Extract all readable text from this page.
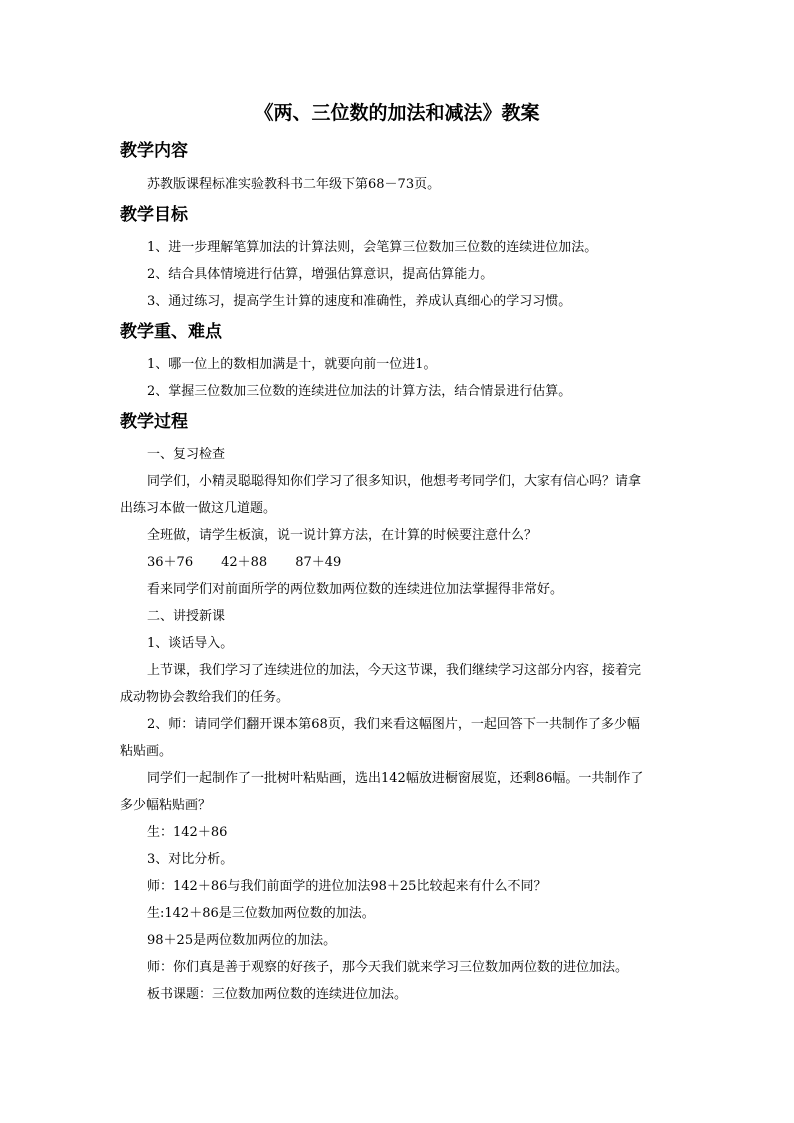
《两、三位数的加法和减法》教案
教学内容
苏教版课程标准实验教科书二年级下第68－73页。
教学目标
1、进一步理解笔算加法的计算法则，会笔算三位数加三位数的连续进位加法。
2、结合具体情境进行估算，增强估算意识，提高估算能力。
3、通过练习，提高学生计算的速度和准确性，养成认真细心的学习习惯。
教学重、难点
1、哪一位上的数相加满是十，就要向前一位进1。
2、掌握三位数加三位数的连续进位加法的计算方法，结合情景进行估算。
教学过程
一、复习检查
同学们，小精灵聪聪得知你们学习了很多知识，他想考考同学们，大家有信心吗？请拿
出练习本做一做这几道题。
全班做，请学生板演，说一说计算方法，在计算的时候要注意什么？
36＋76 42＋88 87＋49
看来同学们对前面所学的两位数加两位数的连续进位加法掌握得非常好。
二、讲授新课
1、谈话导入。
上节课，我们学习了连续进位的加法，今天这节课，我们继续学习这部分内容，接着完
成动物协会教给我们的任务。
2、师：请同学们翻开课本第68页，我们来看这幅图片，一起回答下一共制作了多少幅
粘贴画。
同学们一起制作了一批树叶粘贴画，选出142幅放进橱窗展览，还剩86幅。一共制作了
多少幅粘贴画？
生：142＋86
3、对比分析。
师：142＋86与我们前面学的进位加法98＋25比较起来有什么不同？
生:142＋86是三位数加两位数的加法。
98＋25是两位数加两位的加法。
师：你们真是善于观察的好孩子，那今天我们就来学习三位数加两位数的进位加法。
板书课题：三位数加两位数的连续进位加法。
